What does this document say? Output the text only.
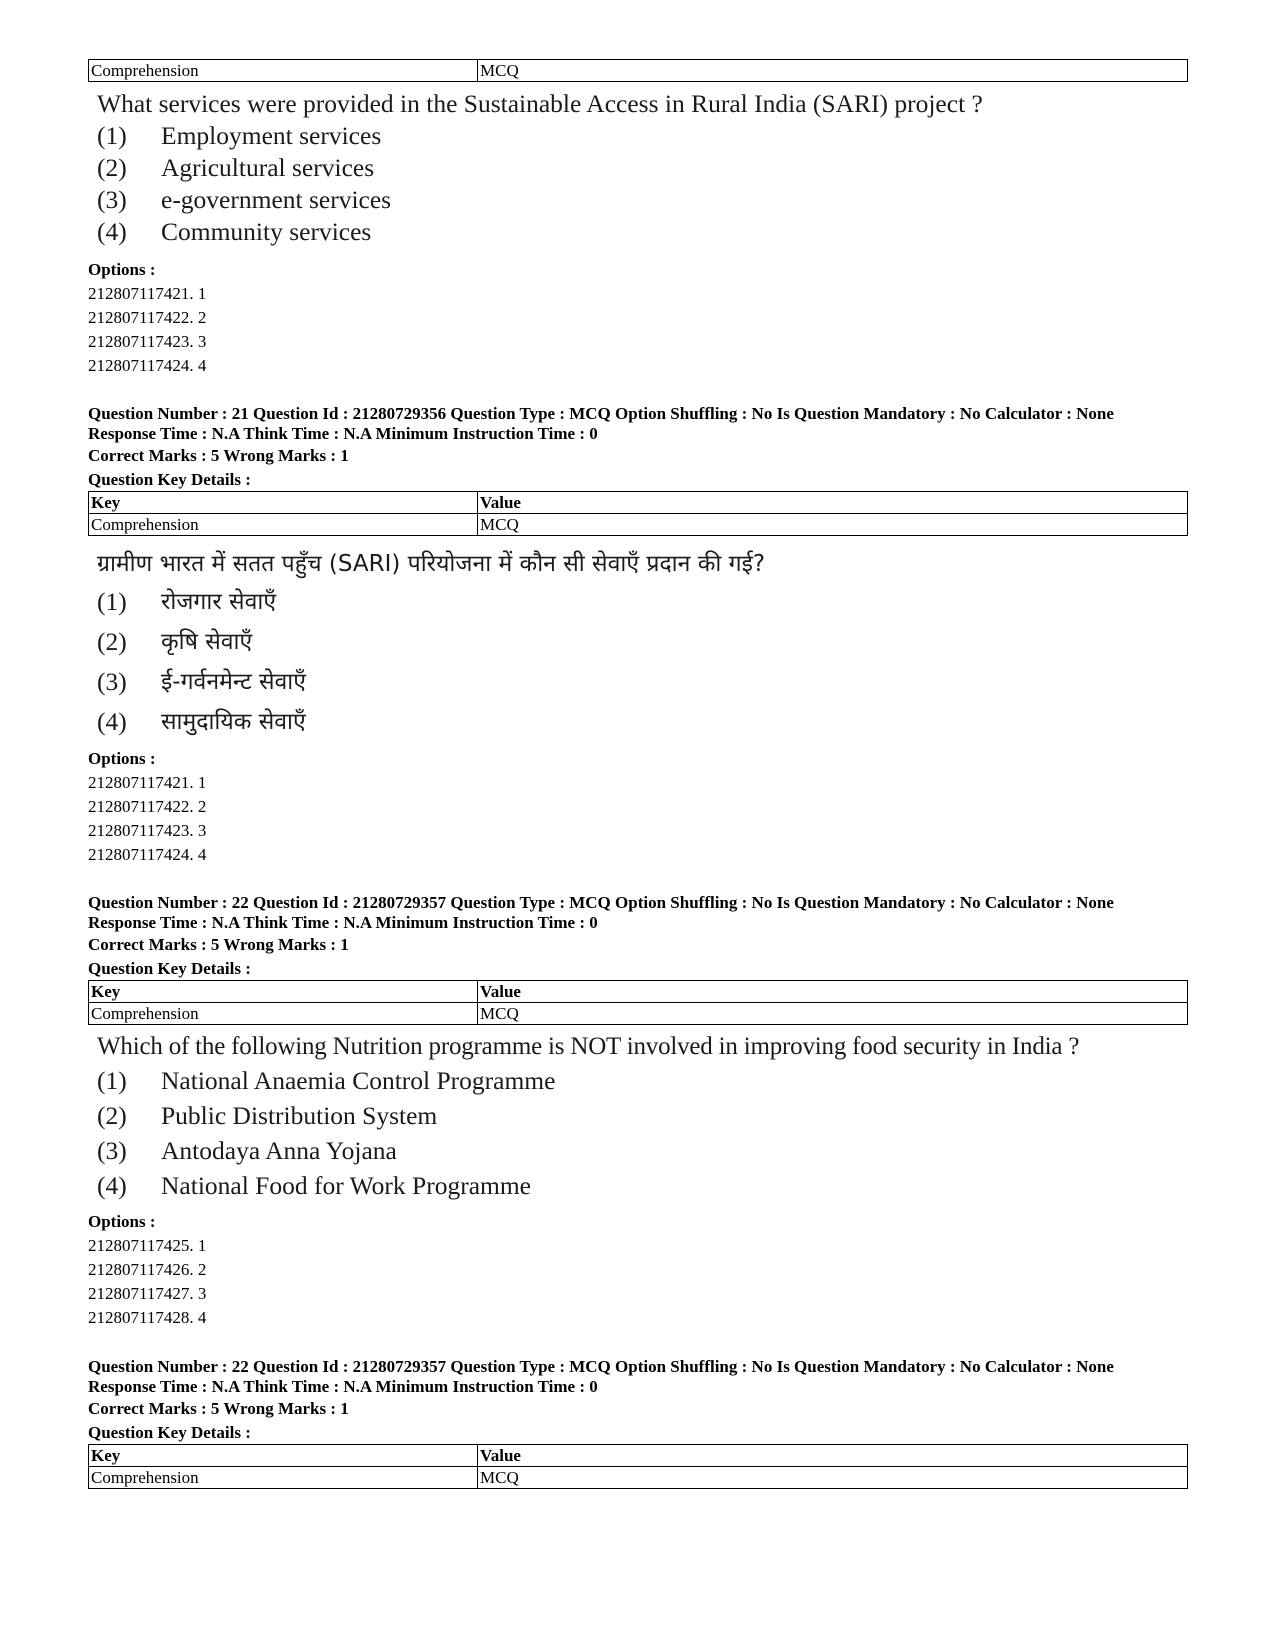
Comprehension	MCQ
What services were provided in the Sustainable Access in Rural India (SARI) project ?
(1)	Employment services
(2)	Agricultural services
(3)	e-government services
(4)	Community services
Options :
212807117421. 1
212807117422. 2
212807117423. 3
212807117424. 4
Question Number : 21 Question Id : 21280729356 Question Type : MCQ Option Shuffling : No Is Question Mandatory : No Calculator : None
Response Time : N.A Think Time : N.A Minimum Instruction Time : 0
Correct Marks : 5 Wrong Marks : 1
Question Key Details :
Key	Value
Comprehension	MCQ
ग्रामीण भारत में सतत पहुँच (SARI) परियोजना में कौन सी सेवाएँ प्रदान की गई?
(1)	रोजगार सेवाएँ
(2)	कृषि सेवाएँ
(3)	ई-गर्वनमेन्ट सेवाएँ
(4)	सामुदायिक सेवाएँ
Options :
212807117421. 1
212807117422. 2
212807117423. 3
212807117424. 4
Question Number : 22 Question Id : 21280729357 Question Type : MCQ Option Shuffling : No Is Question Mandatory : No Calculator : None
Response Time : N.A Think Time : N.A Minimum Instruction Time : 0
Correct Marks : 5 Wrong Marks : 1
Question Key Details :
Key	Value
Comprehension	MCQ
Which of the following Nutrition programme is NOT involved in improving food security in India ?
(1)	National Anaemia Control Programme
(2)	Public Distribution System
(3)	Antodaya Anna Yojana
(4)	National Food for Work Programme
Options :
212807117425. 1
212807117426. 2
212807117427. 3
212807117428. 4
Question Number : 22 Question Id : 21280729357 Question Type : MCQ Option Shuffling : No Is Question Mandatory : No Calculator : None
Response Time : N.A Think Time : N.A Minimum Instruction Time : 0
Correct Marks : 5 Wrong Marks : 1
Question Key Details :
Key	Value
Comprehension	MCQ
